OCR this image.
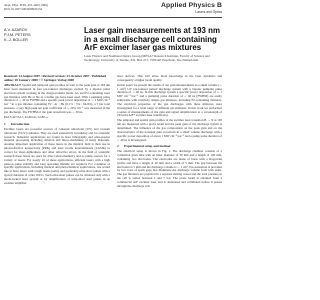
Appl. Phys. B 69, 455–460 (1999)
DOI 10.1007/s003409900134	Applied Physics B
Lasers and Optics
A.V. AZAROV
P.J.M. PETERS
K.-J. BOLLER
Laser gain measurements at 193 nm in a small discharge cell containing ArF excimer laser gas mixtures
Laser Physics and Nonlinear Optics Group (MESA+ Research Institute, Faculty of Science and Technology, University of Twente, P.O. Box 217, 7500 AE Enschede, The Netherlands
Received: 14 August 2007 / Revised version: 25 October 2007 / Published online: 18 January 2008 • © Springer-Verlag 2008

ABSTRACT Spatial and temporal gain profiles as well as the peak gain at 193 nm have been measured in fast pre-ionized discharges excited by a bipolar pulse electrical system working in the charge-transfer mode. Ar- and F2-containing laser gas mixtures with He or Ne as a buffer gas have been used. With a pumping pulse duration of ∼ 40 ns FWHM and a specific peak power deposition of ∼ 1 MW cm⁻³ bar⁻¹ in a gas mixture containing F2 : Ar : He (0.1% : 5% : 94.9%), a 7 bar total pressure, a very high peak net gain coefficient of ∼ 20% cm⁻¹ was measured in the gas discharge. The FWHM of the gain waveform was ∼ 30 ns.

PACS 42.55.Lt; 42.60.Lh; 52.80.-s

1 Introduction

Excimer lasers are powerful sources of coherent ultraviolet (UV) and vacuum ultraviolet (VUV) radiation. They are used extensively in industry and for scientific research. Industrial applications are found in laser lithography and ultra-precise material processing including ablation and micro-machining of many materials. Another important application of these lasers in the medical field is their use in photorefractive keratectomy (PRK) and laser in-situ keratomileusis (LASIK) to correct for short-sightedness and other refractive errors. In the field of scientific research these lasers are used for direct photochemistry and as pump sources for a variety of lasers. For nearly all of these applications, efficient lasers with a high pulse-to-pulse stability and long operating lifetime are required. For a number of specific applications, including medical and photochemical applications, one would like to have lasers with a high beam quality and preferably ultra-short pulses with a typical duration of order 100 fs. Such ultra-short pulses can be obtained only with a mode-locked laser system or by amplification of ultra-short seed pulses in an excimer amplifier.

laser devices. This will allow more knowledge in the laser dynamics and consequently a higher beam quality.

In this paper we present the results of our gain measurements in a small volume (∼ 1 cm³) UV pre-ionized pulsed discharge system with a bipolar pumping pulse duration of ∼ 40 ns. In this discharge system a specific power deposition of ∼ 1 MW cm⁻³ bar⁻¹ and a pumping pulse duration of ∼ 40 ns (FWHM) are easily achievable with relatively simple gas mixtures, including F2-containing mixtures. The electrical properties of the gas discharges with these mixtures were investigated for a wide range of different gas mixtures. In this work we performed a series of measurements of the gain and signal amplification at a wavelength of 193 nm (ArF* excimer laser transitions).

The temporal and spatial gain profiles of the excimer laser transition B → X at 193 nm are measured with a probe beam and the peak gain of the discharge system is determined. The influence of the gas composition on the peak gain and on the characteristics of the transient gain waveform in a small volume discharge with a specific power deposition of about 1 MW cm⁻³ bar⁻¹ and a pump pulse duration of ∼ 40 ns is investigated.

2 Experimental setup and method

The electrical setup is shown in Fig. 1. The discharge chamber consists of a cylindrical glass tube with an inner diameter of 30 mm and a length of 100 mm, containing two electrodes. The electrodes are made of brass with a Rogowski profile and have a length of 20 mm and a width of 5 mm. The gap between the electrodes is 5 mm and the discharge volume is ∼ 1 cm³. Pre-ionization is provided by two rows of spark gaps that illuminate the discharge volume from both sides. The gas mixtures are prepared in a separate mixing vessel and the total pressure in the cell is varied between 1 and 7 bar. The probe beam is obtained from a commercial ArF excimer laser and is attenuated and collimated before it passes through the discharge cell.
